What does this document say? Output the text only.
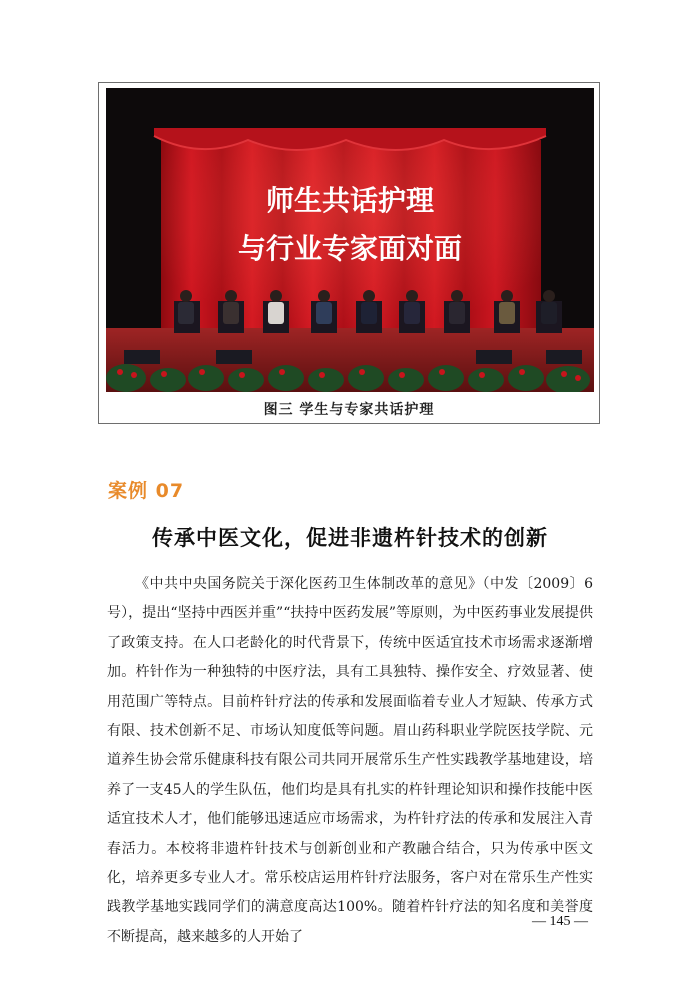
师生共话护理
与行业专家面对面
图三 学生与专家共话护理
案例 07
传承中医文化，促进非遗杵针技术的创新
《中共中央国务院关于深化医药卫生体制改革的意见》（中发〔2009〕6号），提出“坚持中西医并重”“扶持中医药发展”等原则，为中医药事业发展提供了政策支持。在人口老龄化的时代背景下，传统中医适宜技术市场需求逐渐增加。杵针作为一种独特的中医疗法，具有工具独特、操作安全、疗效显著、使用范围广等特点。目前杵针疗法的传承和发展面临着专业人才短缺、传承方式有限、技术创新不足、市场认知度低等问题。眉山药科职业学院医技学院、元道养生协会常乐健康科技有限公司共同开展常乐生产性实践教学基地建设，培养了一支45人的学生队伍，他们均是具有扎实的杵针理论知识和操作技能中医适宜技术人才，他们能够迅速适应市场需求，为杵针疗法的传承和发展注入青春活力。本校将非遗杵针技术与创新创业和产教融合结合，只为传承中医文化，培养更多专业人才。常乐校店运用杵针疗法服务，客户对在常乐生产性实践教学基地实践同学们的满意度高达100%。随着杵针疗法的知名度和美誉度不断提高，越来越多的人开始了
— 145 —
